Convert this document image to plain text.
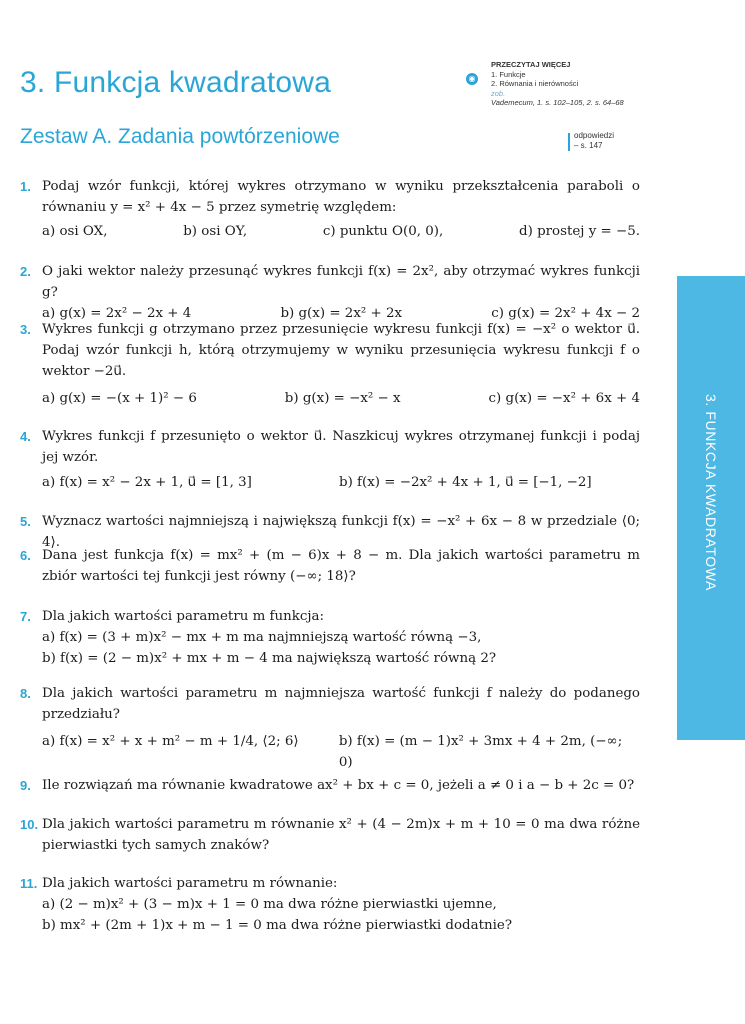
3. Funkcja kwadratowa
Zestaw A. Zadania powtórzeniowe
PRZECZYTAJ WIĘCEJ
◉	1. Funkcje
2. Równania i nierówności
zob.
Vademecum, 1. s. 102–105, 2. s. 64–68
odpowiedzi
– s. 147
3. FUNKCJA KWADRATOWA
1. Podaj wzór funkcji, której wykres otrzymano w wyniku przekształcenia paraboli o równaniu y = x² + 4x − 5 przez symetrię względem:
a) osi OX,	b) osi OY,	c) punktu O(0, 0),	d) prostej y = −5.
2. O jaki wektor należy przesunąć wykres funkcji f(x) = 2x², aby otrzymać wykres funkcji g?
a) g(x) = 2x² − 2x + 4	b) g(x) = 2x² + 2x	c) g(x) = 2x² + 4x − 2
3. Wykres funkcji g otrzymano przez przesunięcie wykresu funkcji f(x) = −x² o wektor u⃗. Podaj wzór funkcji h, którą otrzymujemy w wyniku przesunięcia wykresu funkcji f o wektor −2u⃗.
a) g(x) = −(x + 1)² − 6	b) g(x) = −x² − x	c) g(x) = −x² + 6x + 4
4. Wykres funkcji f przesunięto o wektor u⃗. Naszkicuj wykres otrzymanej funkcji i podaj jej wzór.
a) f(x) = x² − 2x + 1, u⃗ = [1, 3]	b) f(x) = −2x² + 4x + 1, u⃗ = [−1, −2]
5. Wyznacz wartości najmniejszą i największą funkcji f(x) = −x² + 6x − 8 w przedziale ⟨0; 4⟩.
6. Dana jest funkcja f(x) = mx² + (m − 6)x + 8 − m. Dla jakich wartości parametru m zbiór wartości tej funkcji jest równy (−∞; 18⟩?
7. Dla jakich wartości parametru m funkcja:
a) f(x) = (3 + m)x² − mx + m ma najmniejszą wartość równą −3,
b) f(x) = (2 − m)x² + mx + m − 4 ma największą wartość równą 2?
8. Dla jakich wartości parametru m najmniejsza wartość funkcji f należy do podanego przedziału?
a) f(x) = x² + x + m² − m + 1/4, ⟨2; 6⟩	b) f(x) = (m − 1)x² + 3mx + 4 + 2m, (−∞; 0)
9. Ile rozwiązań ma równanie kwadratowe ax² + bx + c = 0, jeżeli a ≠ 0 i a − b + 2c = 0?
10. Dla jakich wartości parametru m równanie x² + (4 − 2m)x + m + 10 = 0 ma dwa różne pierwiastki tych samych znaków?
11. Dla jakich wartości parametru m równanie:
a) (2 − m)x² + (3 − m)x + 1 = 0 ma dwa różne pierwiastki ujemne,
b) mx² + (2m + 1)x + m − 1 = 0 ma dwa różne pierwiastki dodatnie?
